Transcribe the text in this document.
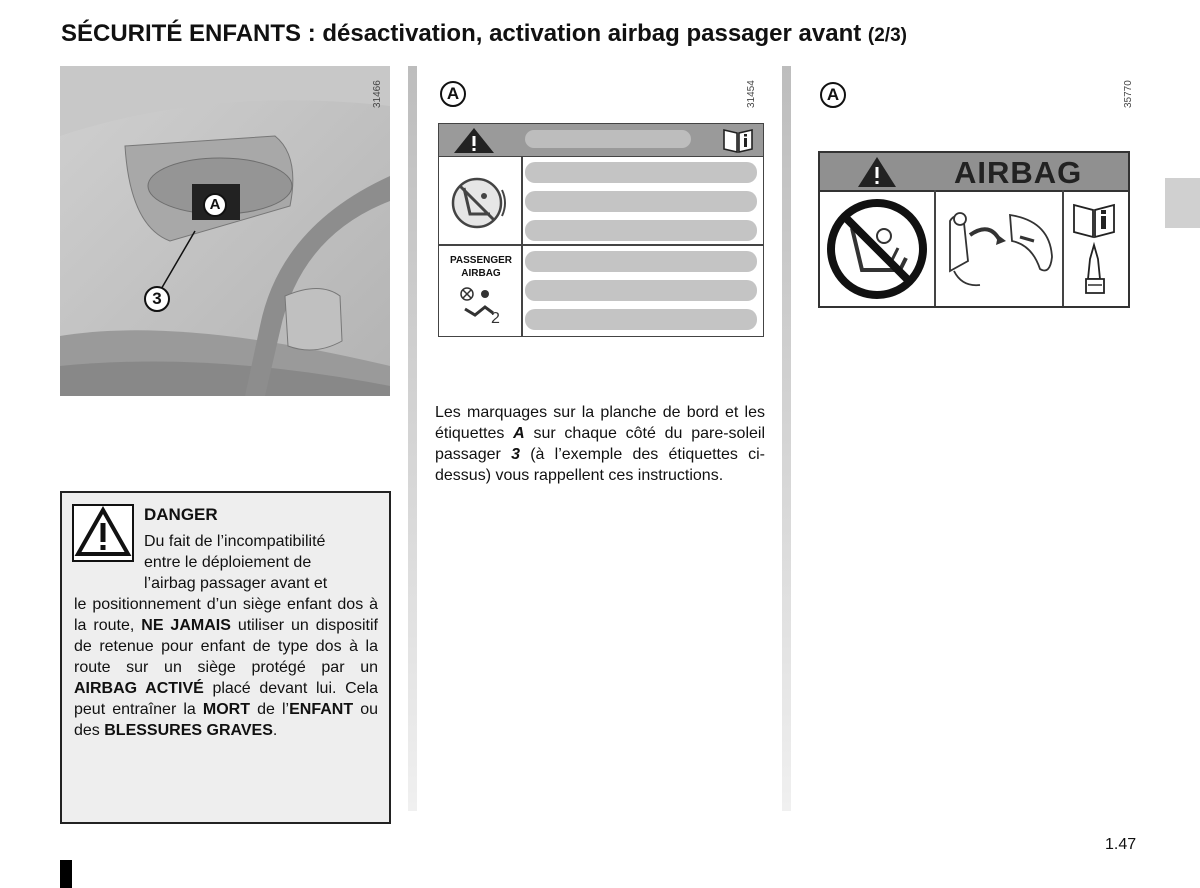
SÉCURITÉ ENFANTS : désactivation, activation airbag passager avant (2/3)
A
3
31466	A	31454
PASSENGER AIRBAG
2
Les marquages sur la planche de bord et les étiquettes A sur chaque côté du pare-soleil passager 3 (à l’exemple des étiquettes ci-dessus) vous rappellent ces instructions.
A	35770
AIRBAG
DANGER
Du fait de l’incompatibilité
entre le déploiement de
l’airbag passager avant et
le positionnement d’un siège enfant dos à la route, NE JAMAIS utiliser un dispositif de retenue pour enfant de type dos à la route sur un siège protégé par un AIRBAG ACTIVÉ placé devant lui. Cela peut entraîner la MORT de l’ENFANT ou des BLESSURES GRAVES.
1.47
